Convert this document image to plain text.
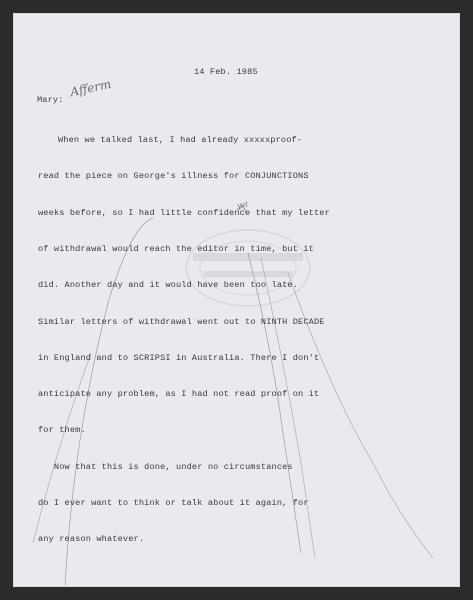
14 Feb. 1985
Mary:
Afferm
yet

When we talked last, I had already xxxxxproof-

read the piece on George's illness for CONJUNCTIONS

weeks before, so I had little confidence that my letter

of withdrawal would reach the editor in time, but it

did. Another day and it would have been too late.

Similar letters of withdrawal went out to NINTH DECADE

in England and to SCRIPSI in Australia. There I don't

anticipate any problem, as I had not read proof on it

for them.

Now that this is done, under no circumstances

do I ever want to think or talk about it again, for

any reason whatever.
